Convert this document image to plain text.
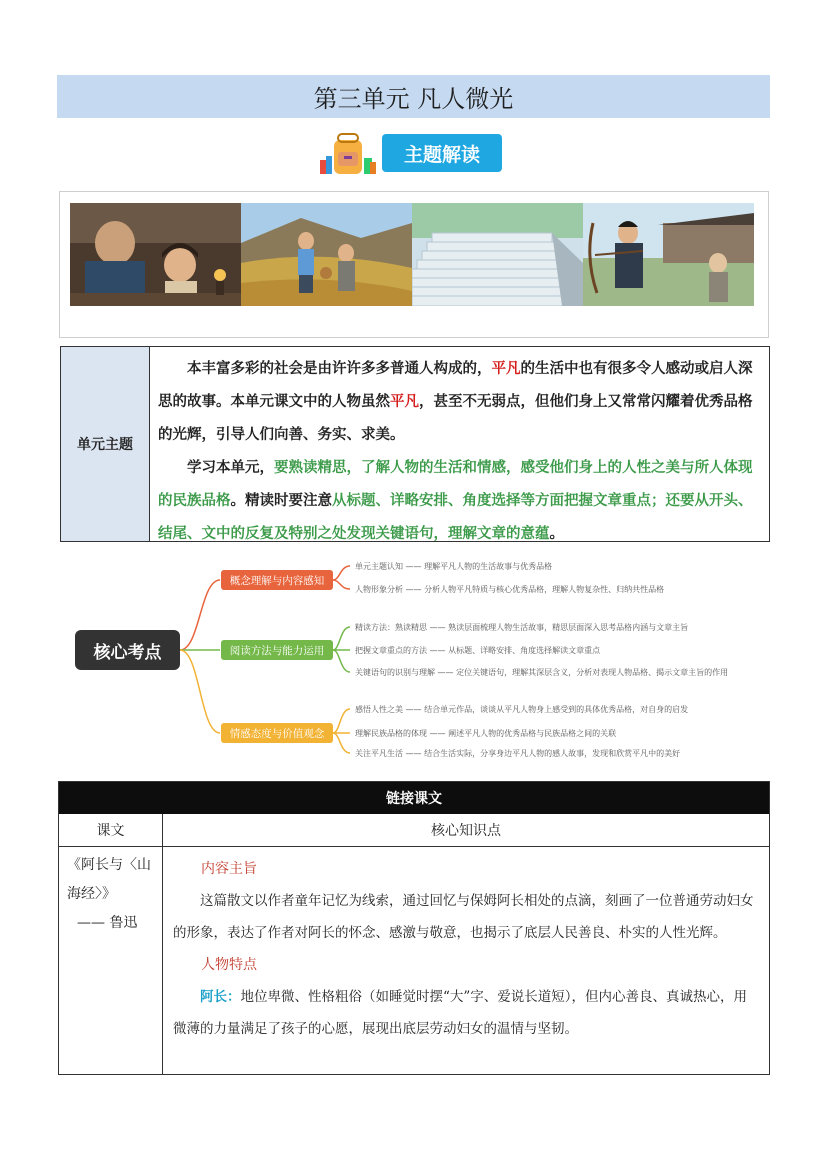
第三单元 凡人微光
主题解读
单元主题

本丰富多彩的社会是由许许多多普通人构成的，平凡的生活中也有很多令人感动或启人深思的故事。本单元课文中的人物虽然平凡，甚至不无弱点，但他们身上又常常闪耀着优秀品格的光辉，引导人们向善、务实、求美。

学习本单元，要熟读精思，了解人物的生活和情感，感受他们身上的人性之美与所人体现的民族品格。精读时要注意从标题、详略安排、角度选择等方面把握文章重点；还要从开头、结尾、文中的反复及特别之处发现关键语句，理解文章的意蕴。

核心考点
概念理解与内容感知
阅读方法与能力运用
情感态度与价值观念
单元主题认知 —— 理解平凡人物的生活故事与优秀品格
人物形象分析 —— 分析人物平凡特质与核心优秀品格，理解人物复杂性、归纳共性品格
精读方法：熟读精思 —— 熟读层面梳理人物生活故事，精思层面深入思考品格内涵与文章主旨
把握文章重点的方法 —— 从标题、详略安排、角度选择解读文章重点
关键语句的识别与理解 —— 定位关键语句，理解其深层含义，分析对表现人物品格、揭示文章主旨的作用
感悟人性之美 —— 结合单元作品，谈谈从平凡人物身上感受到的具体优秀品格，对自身的启发
理解民族品格的体现 —— 阐述平凡人物的优秀品格与民族品格之间的关联
关注平凡生活 —— 结合生活实际，分享身边平凡人物的感人故事，发现和欣赏平凡中的美好
链接课文
课文	核心知识点
《阿长与〈山
海经〉》
—— 鲁迅
内容主旨

这篇散文以作者童年记忆为线索，通过回忆与保姆阿长相处的点滴，刻画了一位普通劳动妇女的形象，表达了作者对阿长的怀念、感激与敬意，也揭示了底层人民善良、朴实的人性光辉。

人物特点

阿长：地位卑微、性格粗俗（如睡觉时摆“大”字、爱说长道短），但内心善良、真诚热心，用微薄的力量满足了孩子的心愿，展现出底层劳动妇女的温情与坚韧。
